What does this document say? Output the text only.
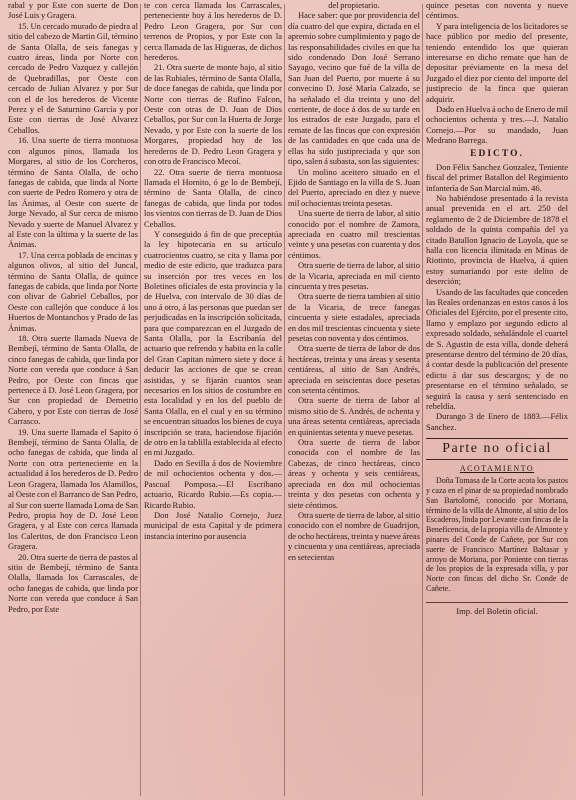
rabal y por Este con suerte de Don José Luis y Gragera.

15. Un cercado murado de piedra al sitio del cabezo de Martin Gil, término de Santa Olalla, de seis fanegas y cuatro áreas, linda por Norte con cercado de Pedro Vazquez y callejón de Quebradillas, por Oeste con cercado de Julian Alvarez y por Sur con el de los herederos de Vicente Perez y el de Saturnino García y por Este con tierras de José Alvarez Ceballos.

16. Una suerte de tierra montuosa con algunos pinos, llamada los Morgares, al sitio de los Corcheros, término de Santa Olalla, de ocho fanegas de cabida, que linda al Norte con suerte de Pedro Romero y otra de las Ánimas, al Oeste con suerte de Jorge Nevado, al Sur cerca de mismo Nevado y suerte de Manuel Alvarez y al Este con la última y la suerte de las Ánimas.

17. Una cerca poblada de encinas y algunos olivos, al sitio del Juncal, término de Santa Olalla, de quince fanegas de cabida, que linda por Norte con olivar de Gabriel Ceballos, por Oeste con callejón que conduce á los Huertos de Montanchos y Prado de las Ánimas.

18. Otra suerte llamada Nueva de Bembejí, término de Santa Olalla, de cinco fanegas de cabida, que linda por Norte con vereda que conduce á San Pedro, por Oeste con fincas que pertenece á D. José Leon Gragera, por Sur con propiedad de Demetrio Cabero, y por Este con tierras de José Carrasco.

19. Una suerte llamada el Sapito ó Bembejí, término de Santa Olalla, de ocho fanegas de cabida, que linda al Norte con otra perteneciente en la actualidad á los herederos de D. Pedro Leon Gragera, llamada los Alamillos, al Oeste con el Barranco de San Pedro, al Sur con suerte llamada Loma de San Pedro, propia hoy de D. José Leon Gragera, y al Este con cerca llamada los Caleritos, de don Francisco Leon Gragera.

20. Otra suerte de tierra de pastos al sitio de Bembejí, término de Santa Olalla, llamada los Carrascales, de ocho fanegas de cabida, que linda por Norte con vereda que conduce á San Pedro, por Este

te con cerca llamada los Carrascales, perteneciente hoy á los herederos de D. Pedro Leon Gragera, por Sur con terrenos de Propios, y por Este con la cerca llamada de las Higueras, de dichos herederos.

21. Otra suerte de monte bajo, al sitio de las Rubiales, término de Santa Olalla, de doce fanegas de cabida, que linda por Norte con tierras de Rufino Falcon, Oeste con otras de D. Juan de Dios Ceballos, por Sur con la Huerta de Jorge Nevado, y por Este con la suerte de los Morgares, propiedad hoy de los herederos de D. Pedro Leon Gragera y con otra de Francisco Mecoí.

22. Otra suerte de tierra montuosa llamada el Hornito, ó ge lo de Bembejí, término de Santa Olalla, de cinco fanegas de cabida, que linda por todos los vientos con tierras de D. Juan de Dios Ceballos.

Y conseguido á fin de que preceptúa la ley hipotecaria en su artículo cuatrocientos cuatro, se cita y llama por medio de este edicto, que traduzca para su inserción por tres veces en los Boletines oficiales de esta provincia y la de Huelva, con intervalo de 30 días de uno á otro, á las personas que puedan ser perjudicadas en la inscripción solicitada, para que comparezcan en el Juzgado de Santa Olalla, por la Escribanía del actuario que refrendo y habita en la calle del Gran Capitan número siete y doce á deducir las acciones de que se crean asistidas, y se fijarán cuantos sean necesarios en los sitios de costumbre en esta localidad y en los del pueblo de Santa Olalla, en el cual y en su término se encuentran situados los bienes de cuya inscripción se trata, haciendose fijación de otro en la tablilla establecida al efecto en mi Juzgado.

Dado en Sevilla á dos de Noviembre de mil ochocientos ochenta y dos.—Pascual Pomposa.—El Escribano actuario, Ricardo Rubio.—Es copia.—Ricardo Rubio.

Don José Natalio Cornejo, Juez municipal de esta Capital y de primera instancia interino por ausencia

del propietario.

Hace saber: que por providencia del día cuatro del que expira, dictada en el apremio sobre cumplimiento y pago de las responsabilidades civiles en que ha sido condenado Don José Serrano Sayago, vecino que fué de la villa de San Juan del Puerto, por muerte á su convecino D. José María Calzado, se ha señalado el dia treinta y uno del corriente, de doce á dos de su tarde en los estrados de este Juzgado, para el remate de las fincas que con expresión de las cantidades en que cada una de ellas ha sido justipreciada y que son tipo, salen á subasta, son las siguientes:

Un molino aceitero situado en el Ejido de Santiago en la villa de S. Juan del Puerto, apreciado en diez y nueve mil ochocientas treinta pesetas.

Una suerte de tierra de labor, al sitio conocido por el nombre de Zamora, apreciada en cuatro mil trescientas veinte y una pesetas con cuarenta y dos céntimos.

Otra suerte de tierra de labor, al sitio de la Vicaria, apreciada en mil ciento cincuenta y tres pesetas.

Otra suerte de tierra tambien al sitio de la Vicaria, de trece fanegas cincuenta y siete estadales, apreciada en dos mil trescientas cincuenta y siete pesetas con noventa y dos céntimos.

Otra suerte de tierra de labor de dos hectáreas, treinta y una áreas y sesenta centiáreas, al sitio de San Andrés, apreciada en seiscientas doce pesetas con setenta céntimos.

Otra suerte de tierra de labor al mismo sitio de S. Andrés, de ochenta y una áreas setenta centiáreas, apreciada en quinientas setenta y nueve pesetas.

Otra suerte de tierra de labor conocida con el nombre de las Cabezas, de cinco hectáreas, cinco áreas y ochenta y seis centiáreas, apreciada en dos mil ochocientas treinta y dos pesetas con ochenta y siete céntimos.

Otra suerte de tierra de labor, al sitio conocido con el nombre de Guadrijon, de ocho hectáreas, treinta y nueve áreas y cincuenta y una centiáreas, apreciada en setecientas

quince pesetas con noventa y nueve céntimos.

Y para inteligencia de los licitadores se hace público por medio del presente, teniendo entendido los que quieran interesarse en dicho remate que han de depositar préviamente en la mesa del Juzgado el diez por ciento del importe del justiprecio de la finca que quieran adquirir.

Dado en Huelva á ocho de Enero de mil ochocientos ochenta y tres.—J. Natalio Cornejo.—Por su mandado, Juan Medrano Barrega.

EDICTO.

Don Félix Sanchez Gonzalez, Teniente fiscal del primer Batallon del Regimiento infantería de San Marcial núm. 46.

No habiéndose presentado á la revista anual prevenida en el art. 250 del reglamento de 2 de Diciembre de 1878 el soldado de la quinta compañía del ya citado Batallon Ignacio de Loyola, que se halla con licencia ilimitada en Minas de Riotinto, provincia de Huelva, á quien estoy sumariando por este delito de deserción;

Usando de las facultades que conceden las Reales ordenanzas en estos casos á los Oficiales del Ejército, por el presente cito, llamo y emplazo por segundo edicto al expresado soldado, señalándole el cuartel de S. Agustin de esta villa, donde deberá presentarse dentro del término de 20 días, á contar desde la publicación del presente edicto á dar sus descargos; y de no presentarse en el término señalado, se seguirá la causa y será sentenciado en rebeldía.

Durango 3 de Enero de 1883.—Félix Sanchez.

Parte no oficial
ACOTAMIENTO

Doña Tomasa de la Corte acota los pastos y caza en el pinar de su propiedad nombrado San Bartolomé, conocido por Moriana, término de la villa de Almonte, al sitio de los Escaderos, linda por Levante con fincas de la Beneficencia, de la propia villa de Almonte y pinares del Conde de Cañete, por Sur con suerte de Francisco Martínez Baltasar y arroyo de Moriana, por Poniente con tierras de los propios de la expresada villa, y por Norte con fincas del dicho Sr. Conde de Cañete.

Imp. del Boletin oficial.
